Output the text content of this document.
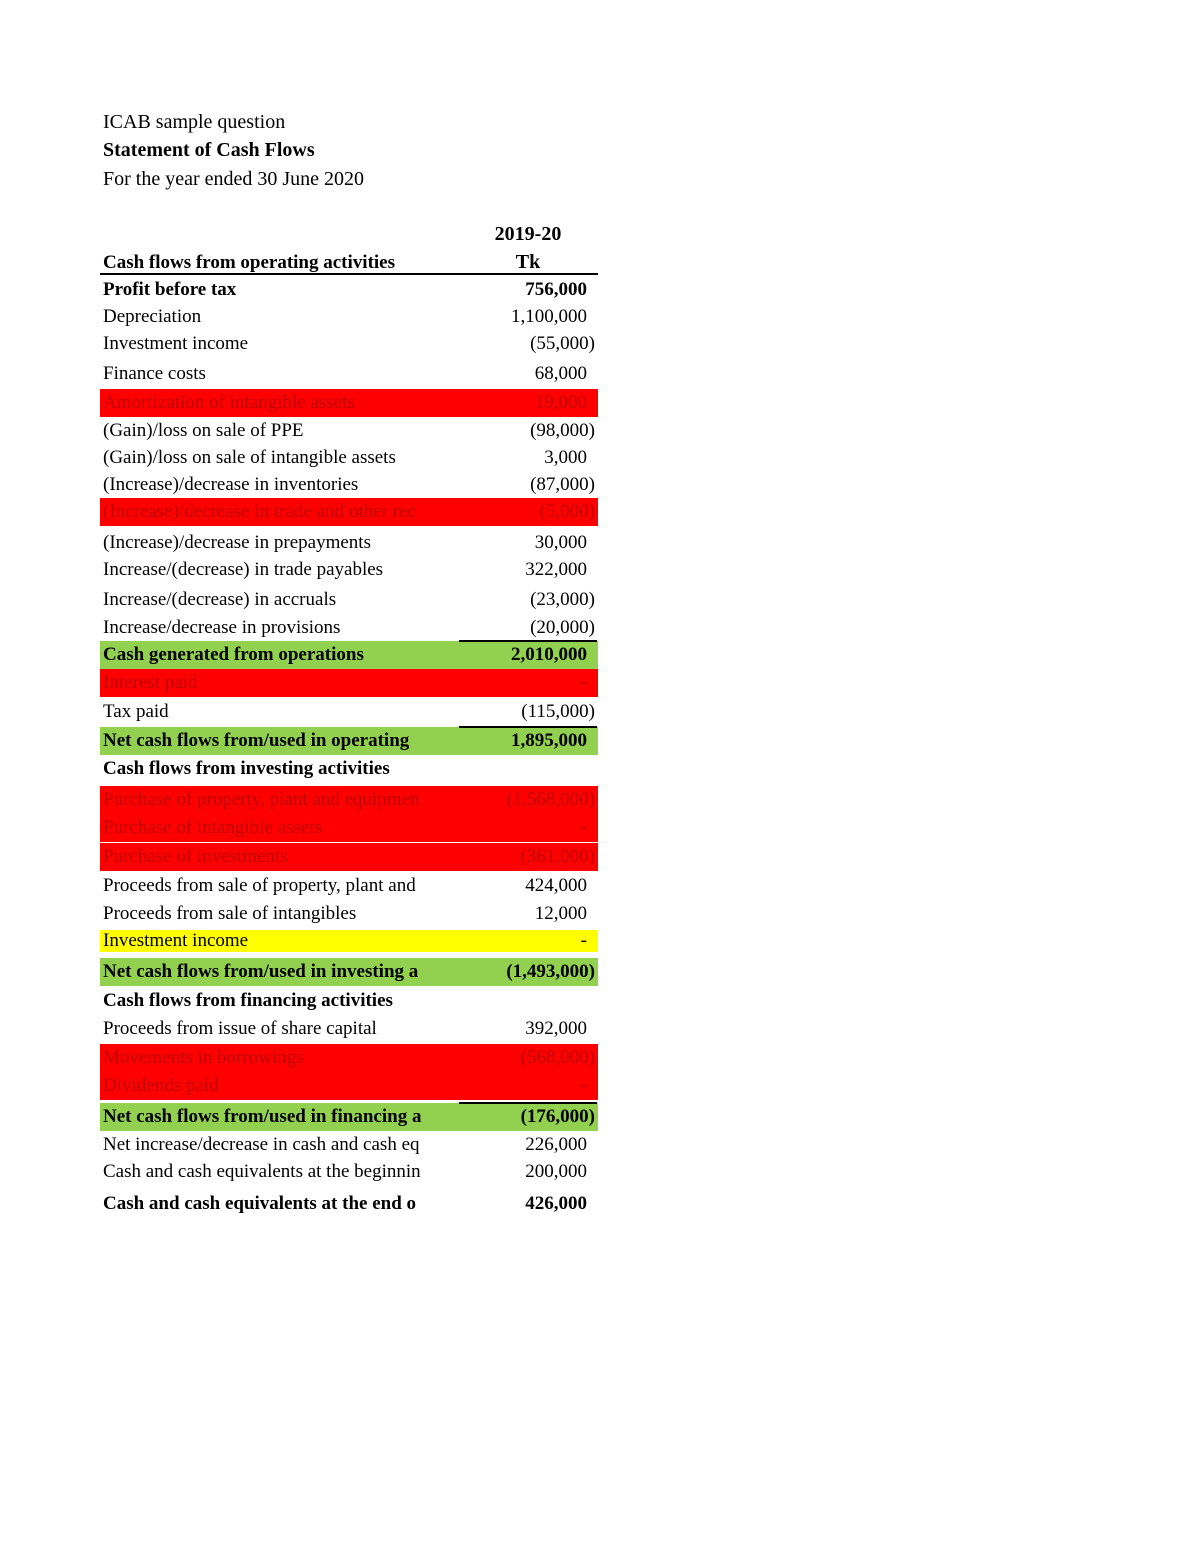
ICAB sample question
Statement of Cash Flows
For the year ended 30 June 2020
2019-20
Tk
Cash flows from operating activities
Profit before tax	756,000
Depreciation	1,100,000
Investment income	(55,000)
Finance costs	68,000
Amortization of intangible assets	19,000
(Gain)/loss on sale of PPE	(98,000)
(Gain)/loss on sale of intangible assets	3,000
(Increase)/decrease in inventories	(87,000)
(Increase)/decrease in trade and other rec	(5,000)
(Increase)/decrease in prepayments	30,000
Increase/(decrease) in trade payables	322,000
Increase/(decrease) in accruals	(23,000)
Increase/decrease in provisions	(20,000)
Cash generated from operations	2,010,000
Interest paid	-
Tax paid	(115,000)
Net cash flows from/used in operating	1,895,000
Cash flows from investing activities
Purchase of property, plant and equipmen	(1,568,000)
Purchase of intangible assets	-
Purchase of investments	(361,000)
Proceeds from sale of property, plant and	424,000
Proceeds from sale of intangibles	12,000
Investment income	-
Net cash flows from/used in investing a	(1,493,000)
Cash flows from financing activities
Proceeds from issue of share capital	392,000
Movements in borrowings	(568,000)
Dividends paid	-
Net cash flows from/used in financing a	(176,000)
Net increase/decrease in cash and cash eq	226,000
Cash and cash equivalents at the beginnin	200,000
Cash and cash equivalents at the end o	426,000
